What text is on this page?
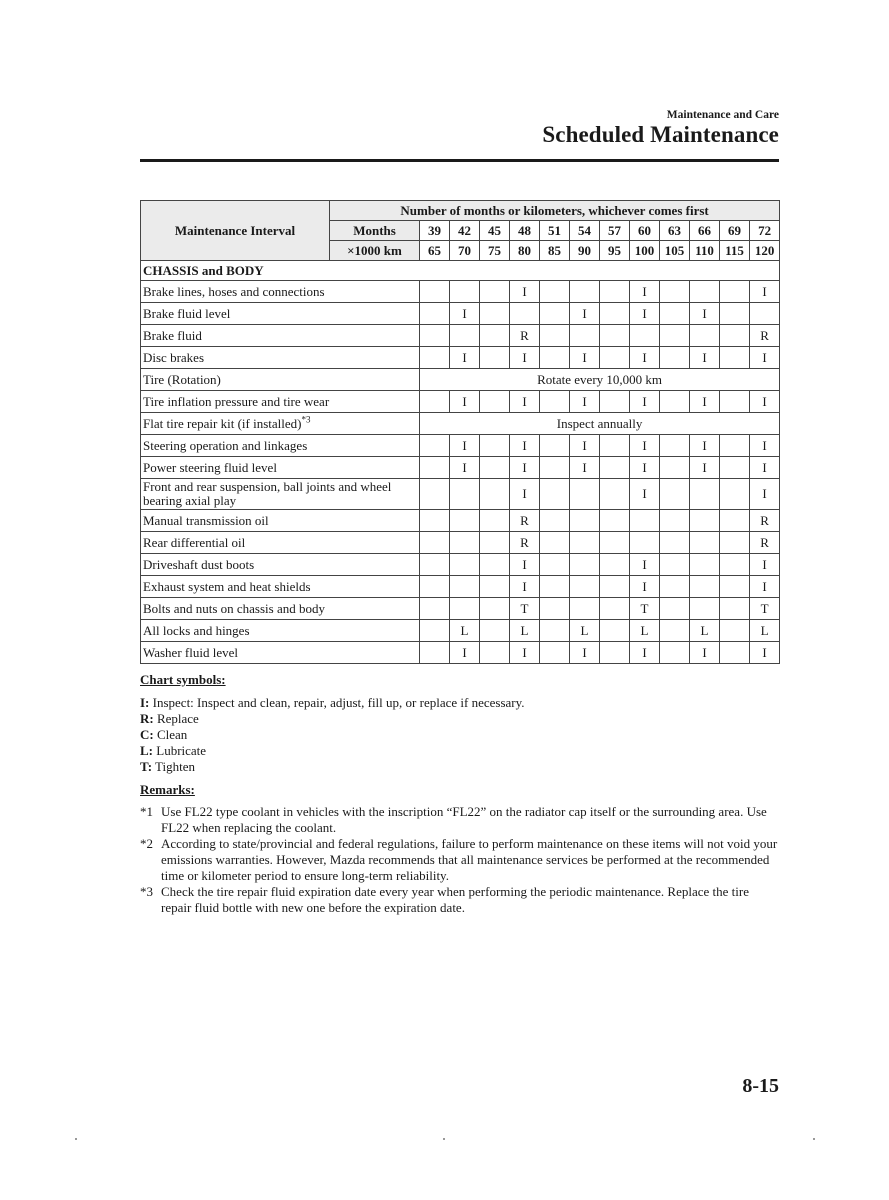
Maintenance and Care
Scheduled Maintenance
Maintenance Interval	Number of months or kilometers, whichever comes first												
	Months	39	42	45	48	51	54	57	60	63	66	69	72
	×1000 km	65	70	75	80	85	90	95	100	105	110	115	120
CHASSIS and BODY													
Brake lines, hoses and connections					I				I				I
Brake fluid level			I				I		I		I		
Brake fluid					R								R
Disc brakes			I		I		I		I		I		I
Tire (Rotation)		Rotate every 10,000 km											
Tire inflation pressure and tire wear			I		I		I		I		I		I
Flat tire repair kit (if installed)$^{*3}$		Inspect annually											
Steering operation and linkages			I		I		I		I		I		I
Power steering fluid level			I		I		I		I		I		I
Front and rear suspension, ball joints and wheel bearing axial play					I				I				I
Manual transmission oil					R								R
Rear differential oil					R								R
Driveshaft dust boots					I				I				I
Exhaust system and heat shields					I				I				I
Bolts and nuts on chassis and body					T				T				T
All locks and hinges			L		L		L		L		L		L
Washer fluid level			I		I		I		I		I		I
Chart symbols:
I: Inspect: Inspect and clean, repair, adjust, fill up, or replace if necessary.
R: Replace
C: Clean
L: Lubricate
T: Tighten
Remarks:
*1 Use FL22 type coolant in vehicles with the inscription “FL22” on the radiator cap itself or the surrounding area. Use FL22 when replacing the coolant.
*2 According to state/provincial and federal regulations, failure to perform maintenance on these items will not void your emissions warranties. However, Mazda recommends that all maintenance services be performed at the recommended time or kilometer period to ensure long-term reliability.
*3 Check the tire repair fluid expiration date every year when performing the periodic maintenance. Replace the tire repair fluid bottle with new one before the expiration date.
8-15
